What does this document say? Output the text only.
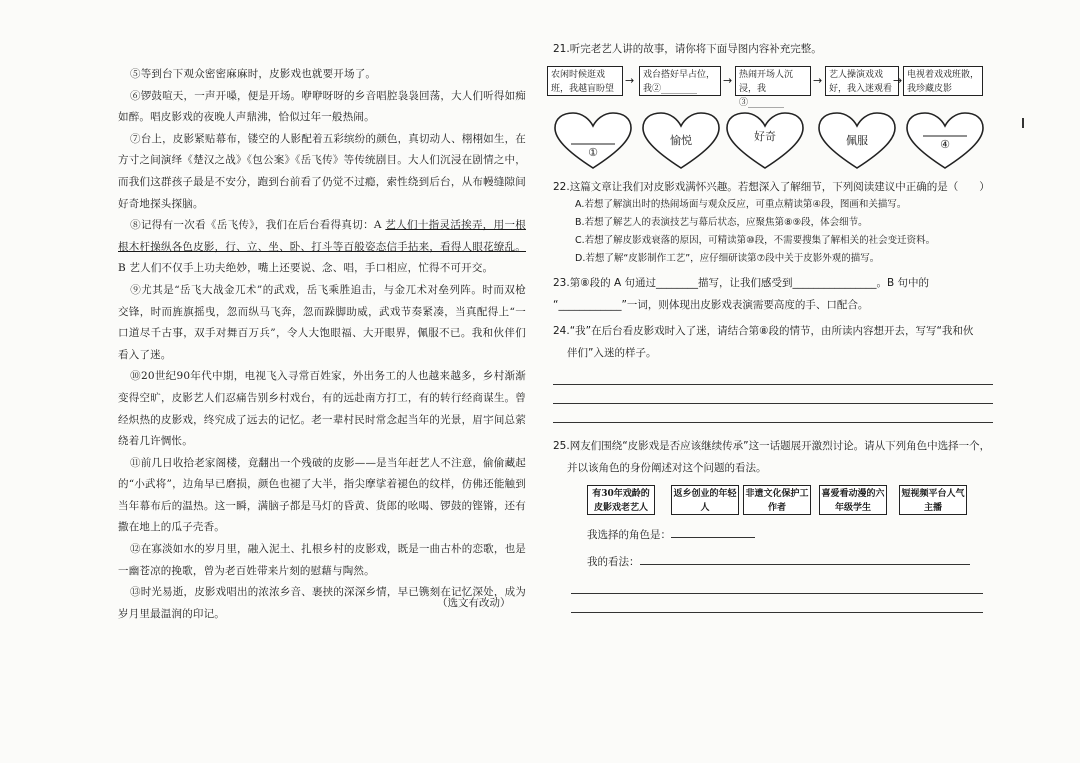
⑤等到台下观众密密麻麻时，皮影戏也就要开场了。

⑥锣鼓喧天，一声开嗓，便是开场。咿咿呀呀的乡音唱腔袅袅回荡，大人们听得如痴如醉。唱皮影戏的夜晚人声鼎沸，恰似过年一般热闹。

⑦台上，皮影紧贴幕布，镂空的人影配着五彩缤纷的颜色，真切动人、栩栩如生，在方寸之间演绎《楚汉之战》《包公案》《岳飞传》等传统剧目。大人们沉浸在剧情之中，而我们这群孩子最是不安分，跑到台前看了仍觉不过瘾，索性绕到后台，从布幔缝隙间好奇地探头探脑。

⑧记得有一次看《岳飞传》，我们在后台看得真切：A 艺人们十指灵活挨弄，用一根根木杆操纵各色皮影，行、立、坐、卧、打斗等百般姿态信手拈来，看得人眼花缭乱。B 艺人们不仅手上功夫绝妙，嘴上还要说、念、唱，手口相应，忙得不可开交。

⑨尤其是“岳飞大战金兀术”的武戏，岳飞乘胜追击，与金兀术对垒列阵。时而双枪交锋，时而旌旗摇曳，忽而纵马飞奔，忽而跺脚助威，武戏节奏紧凑，当真配得上“一口道尽千古事，双手对舞百万兵”，令人大饱眼福、大开眼界，佩服不已。我和伙伴们看入了迷。

⑩20世纪90年代中期，电视飞入寻常百姓家，外出务工的人也越来越多，乡村渐渐变得空旷，皮影艺人们忍痛告别乡村戏台，有的远赴南方打工，有的转行经商谋生。曾经炽热的皮影戏，终究成了远去的记忆。老一辈村民时常念起当年的光景，眉宇间总萦绕着几许惆怅。

⑪前几日收拾老家阁楼，竟翻出一个残破的皮影——是当年赶艺人不注意，偷偷藏起的“小武将”，边角早已磨损，颜色也褪了大半，指尖摩挲着褪色的纹样，仿佛还能触到当年幕布后的温热。这一瞬，满脑子都是马灯的昏黄、货郎的吆喝、锣鼓的铿锵，还有撒在地上的瓜子壳香。

⑫在寡淡如水的岁月里，融入泥土、扎根乡村的皮影戏，既是一曲古朴的恋歌，也是一幽苍凉的挽歌，曾为老百姓带来片刻的慰藉与陶然。

⑬时光易逝，皮影戏唱出的浓浓乡音、裹挟的深深乡情，早已镌刻在记忆深处，成为岁月里最温润的印记。

（选文有改动）

21.听完老艺人讲的故事，请你将下面导图内容补充完整。

农闲时候逛戏班，我越盲盼望
→ 戏台搭好早占位，我②________
→ 热闹开场人沉浸，我③________
→ 艺人操演戏戏好，我入迷观看
→ 电视着戏戏班散，我珍藏皮影
①
愉悦	好奇	佩服	④

22.这篇文章让我们对皮影戏满怀兴趣。若想深入了解细节，下列阅读建议中正确的是（　　）

A.若想了解演出时的热闹场面与观众反应，可重点精读第④段，图画和关描写。

B.若想了解艺人的表演技艺与幕后状态，应聚焦第⑧⑨段，体会细节。

C.若想了解皮影戏衰落的原因，可精读第⑩段，不需要搜集了解相关的社会变迁资料。

D.若想了解“皮影制作工艺”，应仔细研读第⑦段中关于皮影外观的描写。

23.第⑧段的 A 句通过________描写，让我们感受到________________。B 句中的

“____________”一词，则体现出皮影戏表演需要高度的手、口配合。

24.“我”在后台看皮影戏时入了迷，请结合第⑧段的情节，由所读内容想开去，写写“我和伙

伴们”入迷的样子。

25.网友们围绕“皮影戏是否应该继续传承”这一话题展开激烈讨论。请从下列角色中选择一个，

并以该角色的身份阐述对这个问题的看法。

有30年戏龄的皮影戏老艺人
返乡创业的年轻人
非遗文化保护工作者
喜爱看动漫的六年级学生
短视频平台人气主播
我选择的角色是：
我的看法：
